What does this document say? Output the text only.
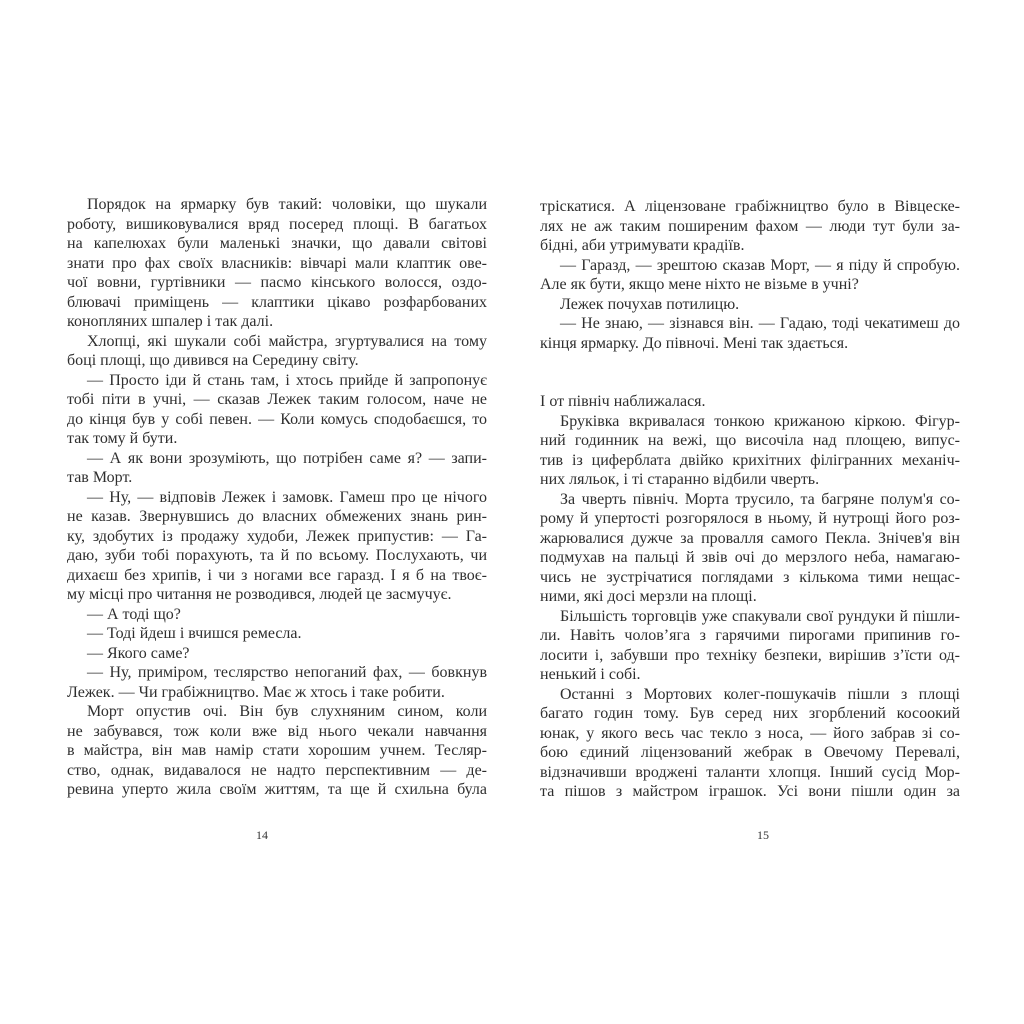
Порядок на ярмарку був такий: чоловіки, що шукали
роботу, вишиковувалися вряд посеред площі. В багатьох
на капелюхах були маленькі значки, що давали світові
знати про фах своїх власників: вівчарі мали клаптик ове-
чої вовни, гуртівники — пасмо кінського волосся, оздо-
блювачі приміщень — клаптики цікаво розфарбованих
конопляних шпалер і так далі.
Хлопці, які шукали собі майстра, згуртувалися на тому
боці площі, що дивився на Середину світу.
— Просто іди й стань там, і хтось прийде й запропонує
тобі піти в учні, — сказав Лежек таким голосом, наче не
до кінця був у собі певен. — Коли комусь сподобаєшся, то
так тому й бути.
— А як вони зрозуміють, що потрібен саме я? — запи-
тав Морт.
— Ну, — відповів Лежек і замовк. Гамеш про це нічого
не казав. Звернувшись до власних обмежених знань рин-
ку, здобутих із продажу худоби, Лежек припустив: — Га-
даю, зуби тобі порахують, та й по всьому. Послухають, чи
дихаєш без хрипів, і чи з ногами все гаразд. І я б на твоє-
му місці про читання не розводився, людей це засмучує.
— А тоді що?
— Тоді йдеш і вчишся ремесла.
— Якого саме?
— Ну, приміром, теслярство непоганий фах, — бовкнув
Лежек. — Чи грабіжництво. Має ж хтось і таке робити.
Морт опустив очі. Він був слухняним сином, коли
не забувався, тож коли вже від нього чекали навчання
в майстра, він мав намір стати хорошим учнем. Тесляр-
ство, однак, видавалося не надто перспективним — де-
ревина уперто жила своїм життям, та ще й схильна була
тріскатися. А ліцензоване грабіжництво було в Вівцеске-
лях не аж таким поширеним фахом — люди тут були за-
бідні, аби утримувати крадіїв.
— Гаразд, — зрештою сказав Морт, — я піду й спробую.
Але як бути, якщо мене ніхто не візьме в учні?
Лежек почухав потилицю.
— Не знаю, — зізнався він. — Гадаю, тоді чекатимеш до
кінця ярмарку. До півночі. Мені так здається.
І от північ наближалася.
Бруківка вкривалася тонкою крижаною кіркою. Фігур-
ний годинник на вежі, що височіла над площею, випус-
тив із циферблата двійко крихітних філігранних механіч-
них ляльок, і ті старанно відбили чверть.
За чверть північ. Морта трусило, та багряне полум'я со-
рому й упертості розгорялося в ньому, й нутрощі його роз-
жарювалися дужче за провалля самого Пекла. Знічев'я він
подмухав на пальці й звів очі до мерзлого неба, намагаю-
чись не зустрічатися поглядами з кількома тими нещас-
ними, які досі мерзли на площі.
Більшість торговців уже спакували свої рундуки й пішли-
ли. Навіть чолов’яга з гарячими пирогами припинив го-
лосити і, забувши про техніку безпеки, вирішив з’їсти од-
ненький і собі.
Останні з Мортових колег-пошукачів пішли з площі
багато годин тому. Був серед них згорблений косоокий
юнак, у якого весь час текло з носа, — його забрав зі со-
бою єдиний ліцензований жебрак в Овечому Перевалі,
відзначивши вроджені таланти хлопця. Інший сусід Мор-
та пішов з майстром іграшок. Усі вони пішли один за
14	15
